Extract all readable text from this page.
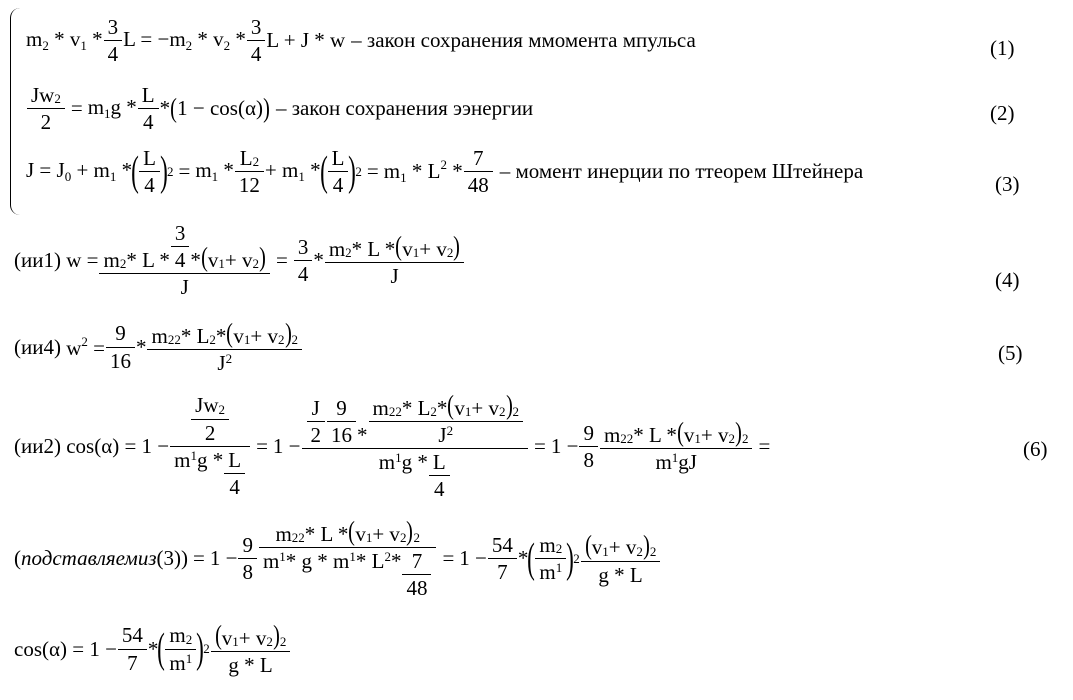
$m_2 * v_1 * \frac{3}{4}$ $L = -m_2 * v_2 * \frac{3}{4}$ L + J * w – закон сохранения ммомента мпульса	(1)
$\frac{Jw 2}{2} = m_1g * \frac{L}{4}$ * ( 1 − cos(α) ) – закон сохранения ээнергии	(2)
$J = J_0 + m_1$ * ( $\frac{L}{4}$ ) $2 = m_1 * \frac{L 2}{12} + m_1$ * ( $\frac{L}{4}$ ) $2 = m_1 * L^2 * \frac{7}{48}$ – момент инерции по ттеорем Штейнера
(3)
(ии1) $w = \frac{m 2 * L * \frac{3}{4} * ( v_1 + v 2 )}{J} = \frac{3}{4} * \frac{m 2 * L * ( v_1 + v 2 )}{J}$	(4)
(ии4) $w^2 = \frac{9}{16} * \frac{m 2 2 * L 2 * ( v_1 + v 2 )_2}{J 2}$	(5)
(ии2) $\cos(\alpha) = 1 - \frac{\frac{Jw 2}{2}}{m 1 g * \frac{L}{4}} = 1 - \frac{\frac{J}{2} \frac{9}{16} * \frac{m 2 2 * L 2 * ( v_1 + v 2 )_2}{J 2}}{m 1 g * \frac{L}{4}} = 1 - \frac{9}{8} \frac{m 2 2 * L * ( v_1 + v 2 )_2}{m 1 gJ}$ =	(6)
( подставляемиз $(3)) = 1 - \frac{9}{8} \frac{m 2 2 * L * ( v_1 + v 2 )_2}{m 1 * g * m 1 * L 2 * \frac{7}{48}} = 1 - \frac{54}{7}$ * ( $\frac{m 2}{m 1}$ ) $2 \frac{( v_1 + v 2 )_2}{g * L}$
$\cos(\alpha) = 1 - \frac{54}{7}$ * ( $\frac{m 2}{m 1}$ ) $2 \frac{( v_1 + v 2 )_2}{g * L}$
